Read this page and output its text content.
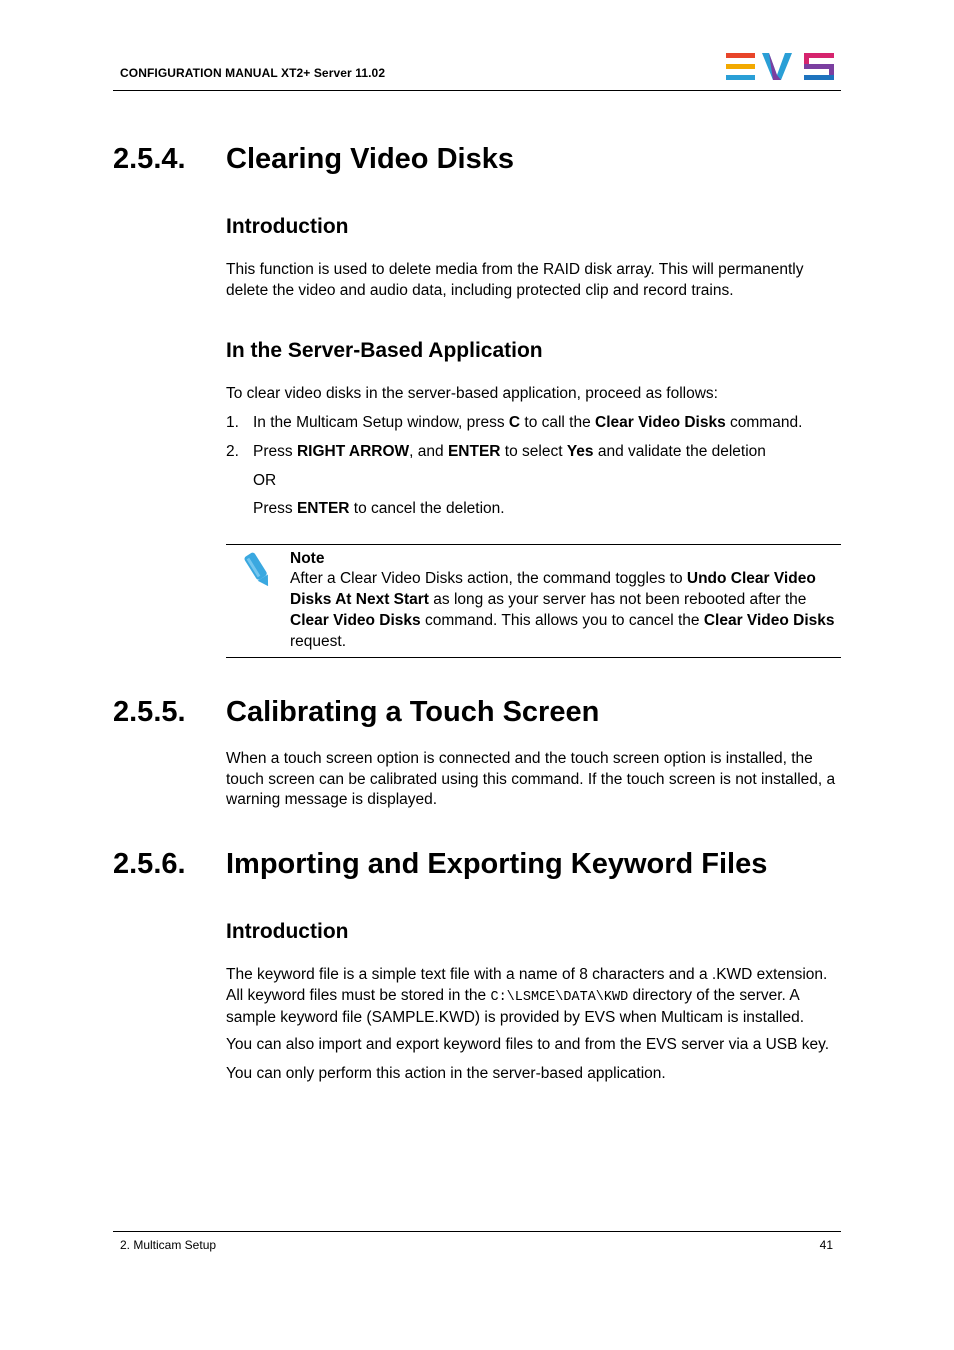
CONFIGURATION MANUAL XT2+ Server 11.02
2.5.4. Clearing Video Disks
Introduction

This function is used to delete media from the RAID disk array. This will permanently delete the video and audio data, including protected clip and record trains.

In the Server-Based Application

To clear video disks in the server-based application, proceed as follows:

1. In the Multicam Setup window, press C to call the Clear Video Disks command.
2. Press RIGHT ARROW, and ENTER to select Yes and validate the deletion
OR
Press ENTER to cancel the deletion.
Note
After a Clear Video Disks action, the command toggles to Undo Clear Video Disks At Next Start as long as your server has not been rebooted after the Clear Video Disks command. This allows you to cancel the Clear Video Disks request.
2.5.5. Calibrating a Touch Screen

When a touch screen option is connected and the touch screen option is installed, the touch screen can be calibrated using this command. If the touch screen is not installed, a warning message is displayed.

2.5.6. Importing and Exporting Keyword Files
Introduction

The keyword file is a simple text file with a name of 8 characters and a .KWD extension. All keyword files must be stored in the C:\LSMCE\DATA\KWD directory of the server. A sample keyword file (SAMPLE.KWD) is provided by EVS when Multicam is installed.

You can also import and export keyword files to and from the EVS server via a USB key.

You can only perform this action in the server-based application.

2. Multicam Setup	41
